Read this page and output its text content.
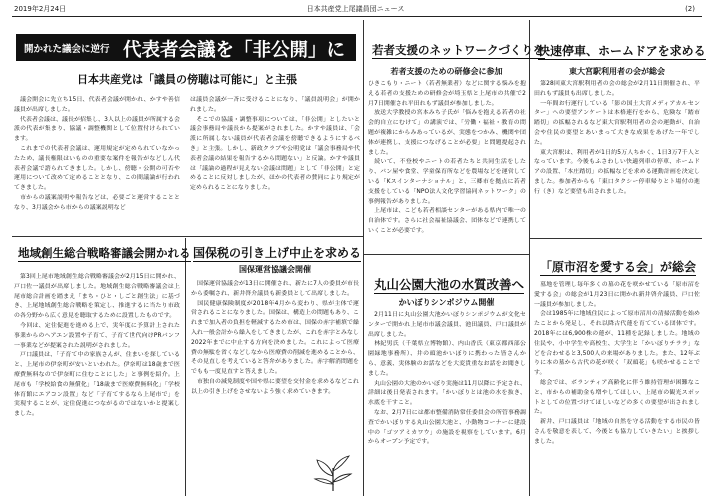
2019年2月24日	日本共産党上尾議員団ニュース	(2)
開かれた議会に逆行 代表者会議を「非公開」に
日本共産党は「議員の傍聴は可能に」と主張
　議会開会に先立ち15日、代表者会議が開かれ、かすや善信議員が出席しました。
　代表者会議は、議長が招集し、3人以上の議員が所属する会派の代表が集まり、協議・調整機関として位置付けられています。
　これまでの代表者会議は、運用規定が定められていなかったため、議長権限はいものの重要な案件を報告がなどしん代表者会議で諮られてきました。しかし、傍聴・公開の可否や運用について改めて定めることとなり、この間議論が行われてきました。
　市からの議案説明や報告などは、必要ごと運営することとなり、3月議会から市からの議案説明など
は議員会議が一斉に受けることになり、「議員説明会」が開かれました。
　そこでの協議・調整事項については、「非公開」としたいと議会事務局や議長から提案がされました。かすや議員は、「会派に所属しない議員が代表者会議を傍聴できるようにするべき」と主張。しかし、新政クラブや公明党は「議会事務局や代表者会議の結果を報告するから問題ない」と反論。かすや議員は「議論の過程が見えない会議は問題」として「非公開」と定めることに反対しましたが、ほかの代表者の賛同により規定が定められることになりました。
地域創生総合戦略審議会開かれる
　第3回上尾市地域創生総合戦略審議会が2月15日に開かれ、戸口佐一議員が出席しました。地域創生総合戦略審議会は上尾市総合計画を踏まえ「まち・ひと・しごと創生法」に基づき、上尾地域創生総合戦略を策定し、推進するに当たり市政の各分野から広く意見を聴取するために設置したものです。
　今回は、定住促進を進める上で、実年度に予算計上された事業からのヘアエン設置や子育て、子育て世代向けPRパンフ一事業などが提案された説明がされました。
　戸口議員は、「子育て中の家族さんが、住まいを探していると、上尾市の伊奈町が安いといわれた。伊奈町は18歳まで医療費無料なので伊奈町に住むことにした」と事例を紹介。上尾市も「学校給食の無償化」「18歳まで医療費無料化」「学校体育館にエアコン設置」など「子育てするなら上尾市で」を実現することが、定住促進につながるのではないかと提案しました。
国保税の引き上げ中止を求める
国保運営協議会開催
　国保運営協議会が13日に開催され、新たに7人の委員が市長から委嘱され、新井啓介議員も新委員として出席しました。
　国民健康保険制度が2018年4月から変わり、県が主体で運営されることになりました。国保は、構造上の問題もあり、これまで加入者の負担を軽減するため市は、国保の赤字補填で繰入れ一般会計から繰入をしてきましたが、これを赤字とみなし2022年までに中止する方向を決めました。これによって医療費の無駄を省くなどしなから医療費の削減を進めることから、その見直しを考えていると答弁がありました。赤字解消問題をでもも一度見直すと答えました。
　市独自の減免制度や国や県に要望を交付金を求めるなどこれ以上の引き上げをさせないよう強く求めていきます。
若者支援のネットワークづくりを
若者支援のための研修会に参加
ひきこもり・ニート（若者無業者）などに関する悩みを抱える若者の支援ための研修会が埼玉県と上尾市の共催で2月7日開催され平田れもず議員が参加しました。
　放送大学教授の宮本みち子氏が「悩みを抱える若者の社会的自立にむけて」の講演では、「労働・福祉・教育の問題が複雑にからみあっているが、実態をつかみ、機関や団体が連携し、支援につなげることが必要」と問題提起されました。
　続いて、不登校やニートの若者たちと共同生活をしたり、パン屋や食堂、学童保育所などを農場などを運営している「Kスインターナショナル」と、三郷市を拠点に若者支援をしている「NPO法人文化学習協同ネットワーク」の事例報告がありました。
　上尾市は、こども若者相談センターがある県内で唯一の自治体です。さらに社会福祉協議会、団体などで連携していくことが必要です。
丸山公園大池の水質改善へ
かいぼりシンポジウム開催
　2月11日に丸山公園大池かいぼりシンポジウムが文化センターで開かれ上尾市市議会議員、池田議員、戸口議員が出席しました。
　林紀男氏（千葉県立博物館）、内山香氏（東京都西部公園緑地事務所）、井の頭池かいぼりに携わった皆さんから、意義、実体験のお話などを大変貴重なお話をお聞きしました。
　丸山公園の大池のかいぼり実施は11月以降に予定され、詳細は後日発表されます。「かいぼりとは池の水を抜き、水底を干すこと。
　なお、2月7日には都市整備消防常任委員会の所管事務調査でかいぼりする丸山公園大池と、小動物コーナーに建設中の「ゴツアミカワウ」の施設を視察をしています。6月からオープン予定です。
快速停車、ホームドアを求める
東大宮駅利用者の会が総会
　第28回東大宮駅利用者の会の総会が2月11日開催され、平田れもず議員も出席しました。
　一年間お行運行している「影の国土大宮メディアカルセンター」への要望アンケートは本格連行をから、危険な「踏市踏切」の拡幅されるなど東大宮駅利用者の会の運動が、自治会や住民の要望とあいまって大きな成果をあげた一年でした。
　東大宮駅は、利用者が1日約5万人ちかく、1日3万7千人となっています。今後もふさわしい快適列車の停車、ホームドアの設置、「本庄踏切」の拡幅などを求める運動計画を決定しました。参加者からも「東口タクシー停車帰りとト場付の進行（き）など要望も出されました。
「原市沼を愛する会」が総会
　墓地を管理し毎年多くの墓の花を咲かせている「原市沼を愛する会」の総会が1月23日に開かれ新井啓介議員、戸口佐一議員が参加しました。
　会は1985年に地域住民によって原市沼川の清掃活動を始めたことから発足し、それ以降古代蓮を育てている団体です。2018年には6,900株の蓮が、11種を記録しました。地域の住民や、小中学生や高校生、大学生と「かいぼりチララ」などを合わせると3,500人の来場がありました。また、12年ぶりに本の墓から古代の花が咲く「双頭花」も咲かせることです。
　総会では、ボランティア高齢化に伴う維持管理が困難なこと、市からの補助金も増やしてほしい、上尾市の観光スポットとしての位置づけてほしいなどの多くの要望が出されました。
　新井、戸口議員は「地域の自然を守る活動をする市民の皆さんを敬意を表して、今後とも協力していきたい」と挨拶しました。
